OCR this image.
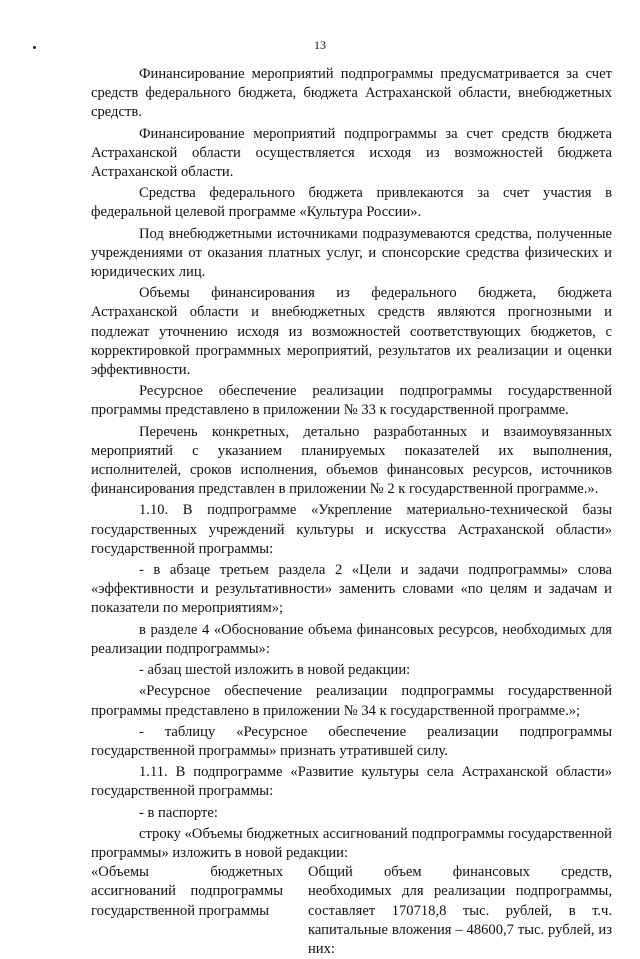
13

Финансирование мероприятий подпрограммы предусматривается за счет средств федерального бюджета, бюджета Астраханской области, внебюджетных средств.

Финансирование мероприятий подпрограммы за счет средств бюджета Астраханской области осуществляется исходя из возможностей бюджета Астраханской области.

Средства федерального бюджета привлекаются за счет участия в федеральной целевой программе «Культура России».

Под внебюджетными источниками подразумеваются средства, полученные учреждениями от оказания платных услуг, и спонсорские средства физических и юридических лиц.

Объемы финансирования из федерального бюджета, бюджета Астраханской области и внебюджетных средств являются прогнозными и подлежат уточнению исходя из возможностей соответствующих бюджетов, с корректировкой программных мероприятий, результатов их реализации и оценки эффективности.

Ресурсное обеспечение реализации подпрограммы государственной программы представлено в приложении № 33 к государственной программе.

Перечень конкретных, детально разработанных и взаимоувязанных мероприятий с указанием планируемых показателей их выполнения, исполнителей, сроков исполнения, объемов финансовых ресурсов, источников финансирования представлен в приложении № 2 к государственной программе.».

1.10. В подпрограмме «Укрепление материально-технической базы государственных учреждений культуры и искусства Астраханской области» государственной программы:

- в абзаце третьем раздела 2 «Цели и задачи подпрограммы» слова «эффективности и результативности» заменить словами «по целям и задачам и показатели по мероприятиям»;

в разделе 4 «Обоснование объема финансовых ресурсов, необходимых для реализации подпрограммы»:

- абзац шестой изложить в новой редакции:

«Ресурсное обеспечение реализации подпрограммы государственной программы представлено в приложении № 34 к государственной программе.»;

- таблицу «Ресурсное обеспечение реализации подпрограммы государственной программы» признать утратившей силу.

1.11. В подпрограмме «Развитие культуры села Астраханской области» государственной программы:

- в паспорте:

строку «Объемы бюджетных ассигнований подпрограммы государственной программы» изложить в новой редакции:

«Объемы бюджетных ассигнований подпрограммы государственной программы
Общий объем финансовых средств, необходимых для реализации подпрограммы, составляет 170718,8 тыс. рублей, в т.ч. капитальные вложения – 48600,7 тыс. рублей, из них:
